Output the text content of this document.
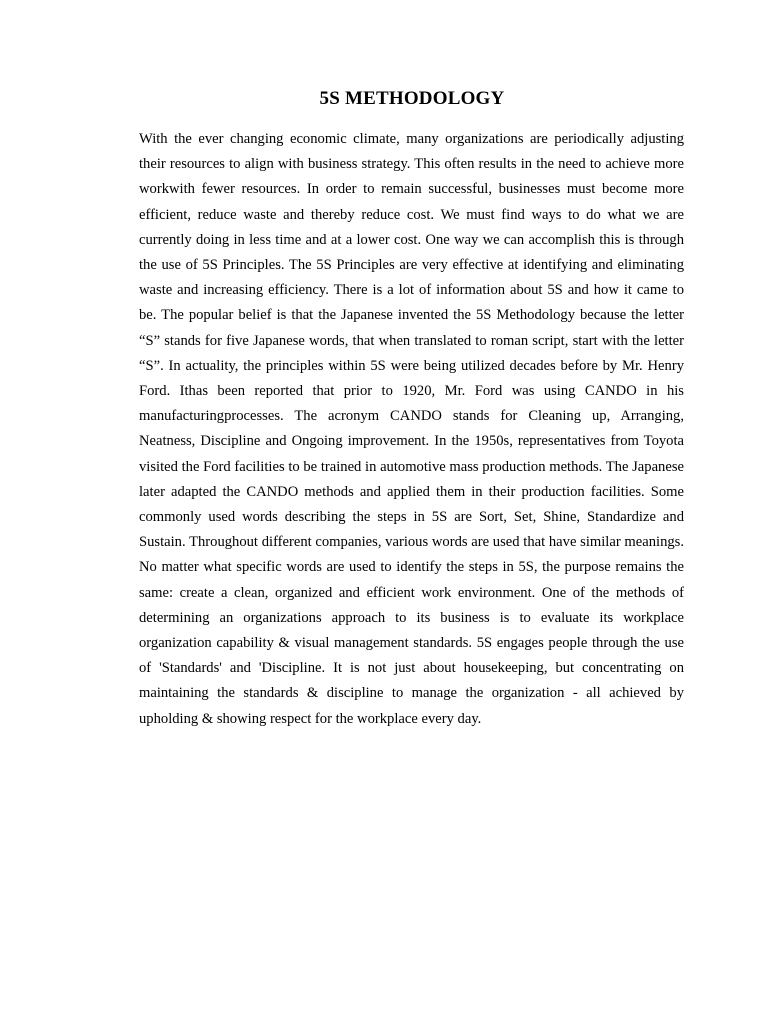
5S METHODOLOGY

With the ever changing economic climate, many organizations are periodically adjusting their resources to align with business strategy. This often results in the need to achieve more workwith fewer resources. In order to remain successful, businesses must become more efficient, reduce waste and thereby reduce cost. We must find ways to do what we are currently doing in less time and at a lower cost. One way we can accomplish this is through the use of 5S Principles. The 5S Principles are very effective at identifying and eliminating waste and increasing efficiency. There is a lot of information about 5S and how it came to be. The popular belief is that the Japanese invented the 5S Methodology because the letter “S” stands for five Japanese words, that when translated to roman script, start with the letter “S”. In actuality, the principles within 5S were being utilized decades before by Mr. Henry Ford. Ithas been reported that prior to 1920, Mr. Ford was using CANDO in his manufacturingprocesses. The acronym CANDO stands for Cleaning up, Arranging, Neatness, Discipline and Ongoing improvement. In the 1950s, representatives from Toyota visited the Ford facilities to be trained in automotive mass production methods. The Japanese later adapted the CANDO methods and applied them in their production facilities. Some commonly used words describing the steps in 5S are Sort, Set, Shine, Standardize and Sustain. Throughout different companies, various words are used that have similar meanings. No matter what specific words are used to identify the steps in 5S, the purpose remains the same: create a clean, organized and efficient work environment. One of the methods of determining an organizations approach to its business is to evaluate its workplace organization capability & visual management standards. 5S engages people through the use of 'Standards' and 'Discipline. It is not just about housekeeping, but concentrating on maintaining the standards & discipline to manage the organization - all achieved by upholding & showing respect for the workplace every day.
